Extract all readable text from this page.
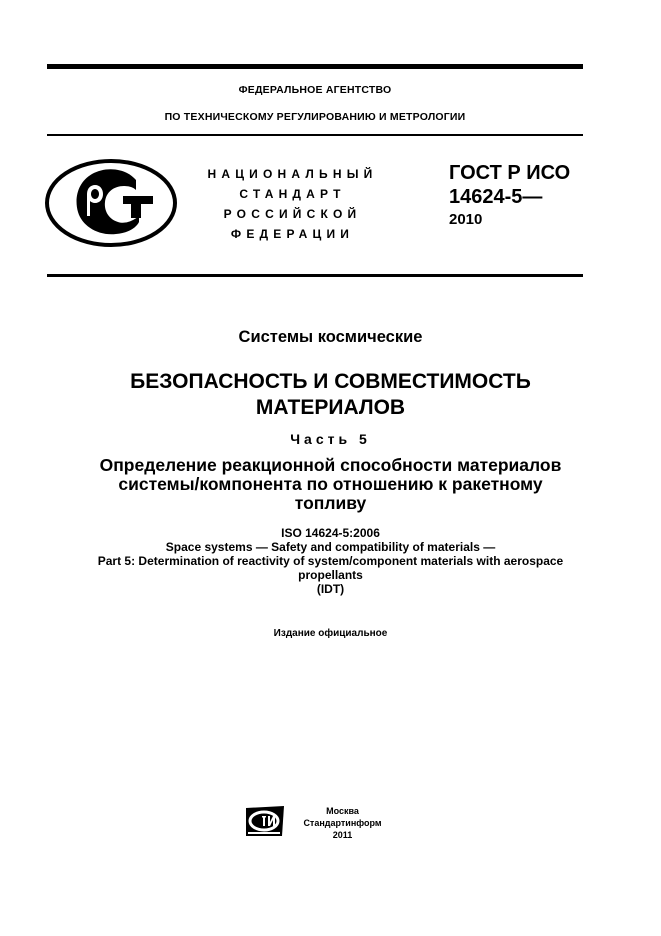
ФЕДЕРАЛЬНОЕ АГЕНТСТВО
ПО ТЕХНИЧЕСКОМУ РЕГУЛИРОВАНИЮ И МЕТРОЛОГИИ
НАЦИОНАЛЬНЫЙ
СТАНДАРТ
РОССИЙСКОЙ
ФЕДЕРАЦИИ
ГОСТ Р ИСО
14624-5—
2010
Системы космические
БЕЗОПАСНОСТЬ И СОВМЕСТИМОСТЬ
МАТЕРИАЛОВ
Часть 5
Определение реакционной способности материалов
системы/компонента по отношению к ракетному
топливу
ISO 14624-5:2006
Space systems — Safety and compatibility of materials —
Part 5: Determination of reactivity of system/component materials with aerospace
propellants
(IDT)
Издание официальное
Москва
Стандартинформ
2011
